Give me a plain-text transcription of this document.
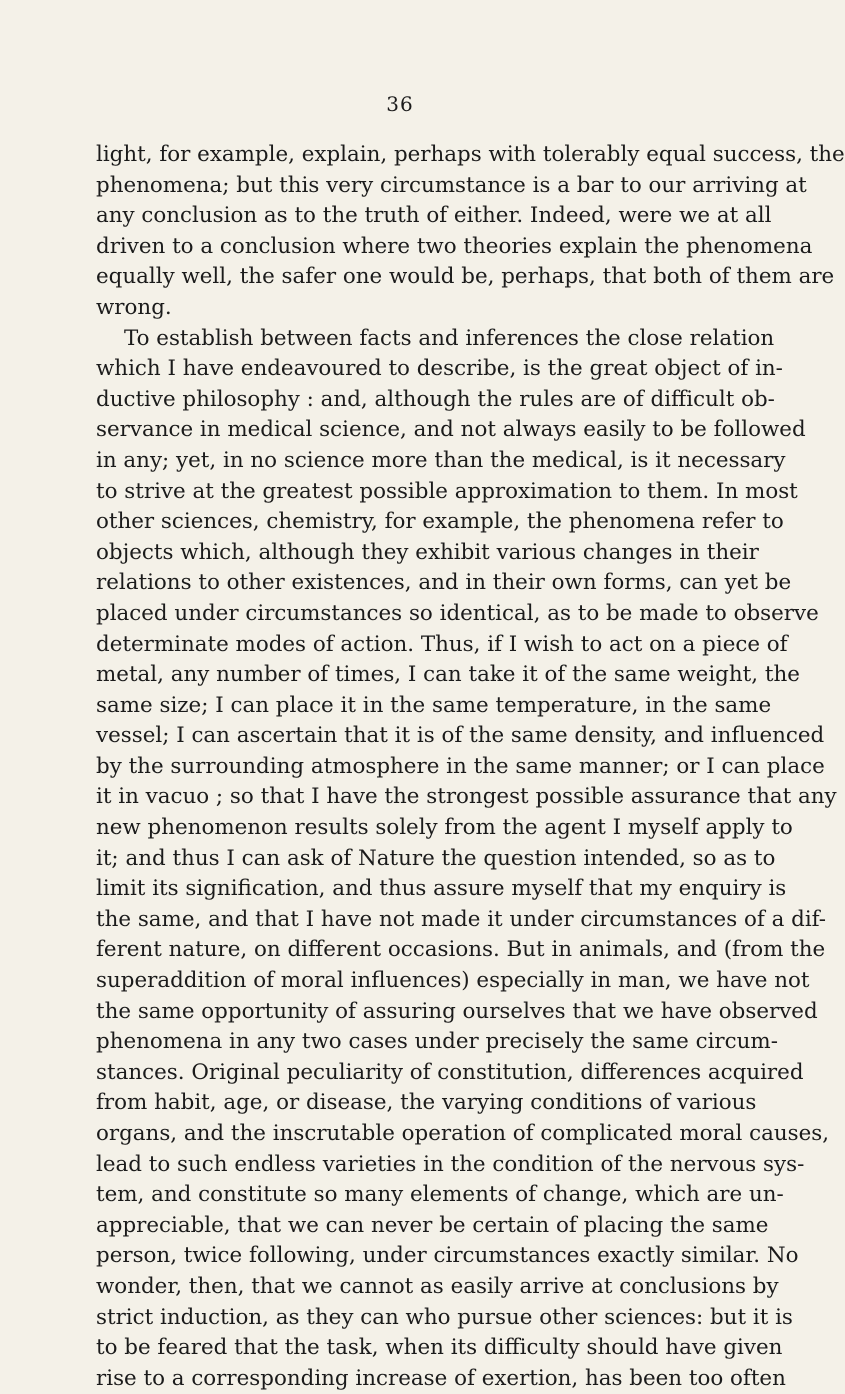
36
light, for example, explain, perhaps with tolerably equal success, the
phenomena; but this very circumstance is a bar to our arriving at
any conclusion as to the truth of either. Indeed, were we at all
driven to a conclusion where two theories explain the phenomena
equally well, the safer one would be, perhaps, that both of them are
wrong.
To establish between facts and inferences the close relation
which I have endeavoured to describe, is the great object of in-
ductive philosophy : and, although the rules are of difficult ob-
servance in medical science, and not always easily to be followed
in any; yet, in no science more than the medical, is it necessary
to strive at the greatest possible approximation to them. In most
other sciences, chemistry, for example, the phenomena refer to
objects which, although they exhibit various changes in their
relations to other existences, and in their own forms, can yet be
placed under circumstances so identical, as to be made to observe
determinate modes of action. Thus, if I wish to act on a piece of
metal, any number of times, I can take it of the same weight, the
same size; I can place it in the same temperature, in the same
vessel; I can ascertain that it is of the same density, and influenced
by the surrounding atmosphere in the same manner; or I can place
it in vacuo ; so that I have the strongest possible assurance that any
new phenomenon results solely from the agent I myself apply to
it; and thus I can ask of Nature the question intended, so as to
limit its signification, and thus assure myself that my enquiry is
the same, and that I have not made it under circumstances of a dif-
ferent nature, on different occasions. But in animals, and (from the
superaddition of moral influences) especially in man, we have not
the same opportunity of assuring ourselves that we have observed
phenomena in any two cases under precisely the same circum-
stances. Original peculiarity of constitution, differences acquired
from habit, age, or disease, the varying conditions of various
organs, and the inscrutable operation of complicated moral causes,
lead to such endless varieties in the condition of the nervous sys-
tem, and constitute so many elements of change, which are un-
appreciable, that we can never be certain of placing the same
person, twice following, under circumstances exactly similar. No
wonder, then, that we cannot as easily arrive at conclusions by
strict induction, as they can who pursue other sciences: but it is
to be feared that the task, when its difficulty should have given
rise to a corresponding increase of exertion, has been too often
